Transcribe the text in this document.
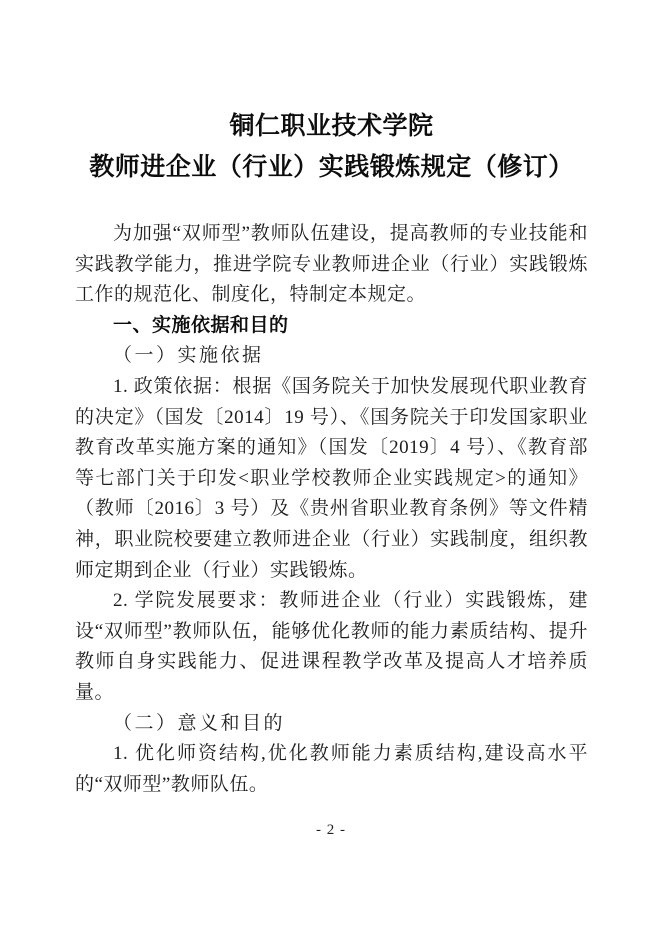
铜仁职业技术学院
教师进企业（行业）实践锻炼规定（修订）

为加强“双师型”教师队伍建设，提高教师的专业技能和实践教学能力，推进学院专业教师进企业（行业）实践锻炼工作的规范化、制度化，特制定本规定。

一、实施依据和目的
（一）实施依据

1. 政策依据：根据《国务院关于加快发展现代职业教育的决定》（国发〔2014〕19 号）、《国务院关于印发国家职业教育改革实施方案的通知》（国发〔2019〕4 号）、《教育部等七部门关于印发<职业学校教师企业实践规定>的通知》（教师〔2016〕3 号）及《贵州省职业教育条例》等文件精神，职业院校要建立教师进企业（行业）实践制度，组织教师定期到企业（行业）实践锻炼。

2. 学院发展要求：教师进企业（行业）实践锻炼，建设“双师型”教师队伍，能够优化教师的能力素质结构、提升教师自身实践能力、促进课程教学改革及提高人才培养质量。

（二）意义和目的

1. 优化师资结构,优化教师能力素质结构,建设高水平的“双师型”教师队伍。

- 2 -
